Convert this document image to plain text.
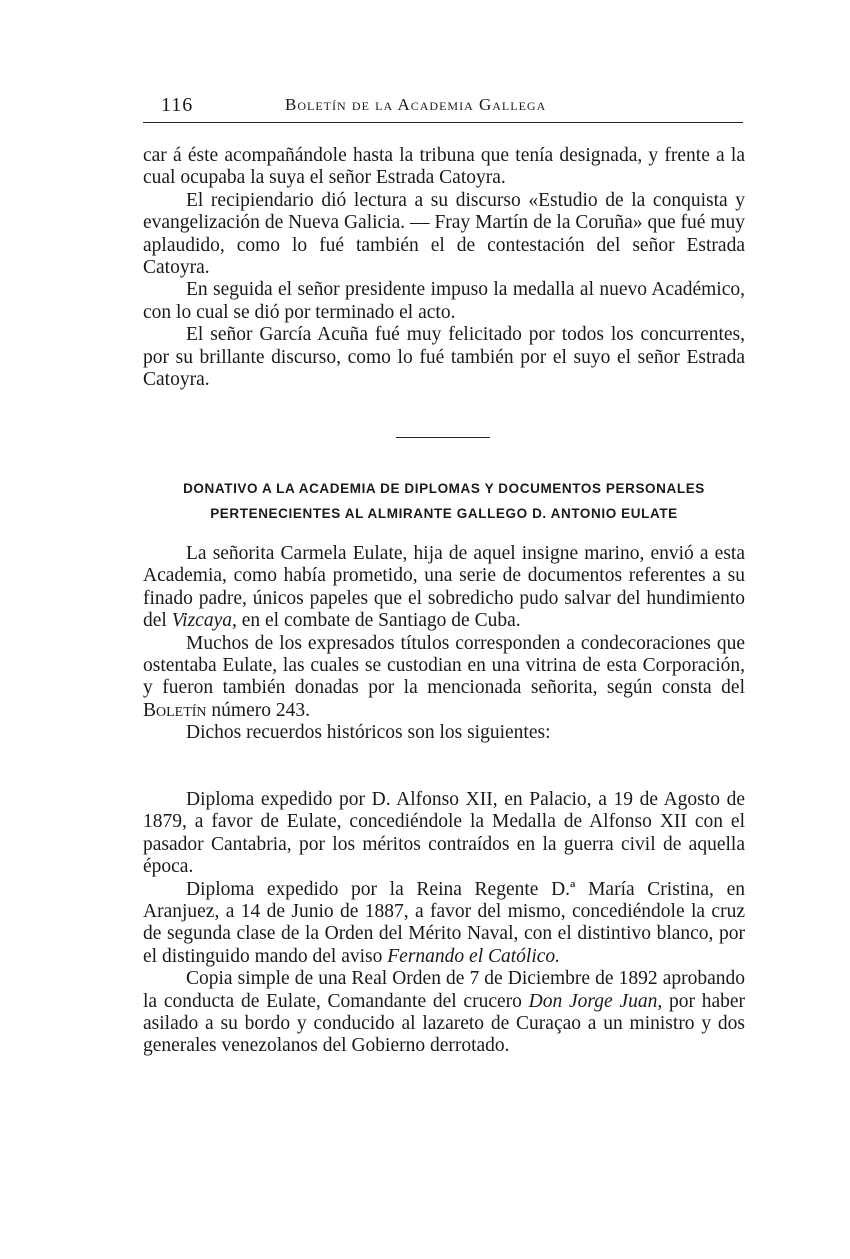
116	Boletín de la Academia Gallega

car á éste acompañándole hasta la tribuna que tenía designada, y frente a la cual ocupaba la suya el señor Estrada Catoyra.

El recipiendario dió lectura a su discurso «Estudio de la conquista y evangelización de Nueva Galicia. — Fray Martín de la Coruña» que fué muy aplaudido, como lo fué también el de contestación del señor Estrada Catoyra.

En seguida el señor presidente impuso la medalla al nuevo Académico, con lo cual se dió por terminado el acto.

El señor García Acuña fué muy felicitado por todos los concurrentes, por su brillante discurso, como lo fué también por el suyo el señor Estrada Catoyra.

DONATIVO A LA ACADEMIA DE DIPLOMAS Y DOCUMENTOS PERSONALES
PERTENECIENTES AL ALMIRANTE GALLEGO D. ANTONIO EULATE

La señorita Carmela Eulate, hija de aquel insigne marino, envió a esta Academia, como había prometido, una serie de documentos referentes a su finado padre, únicos papeles que el sobredicho pudo salvar del hundimiento del Vizcaya, en el combate de Santiago de Cuba.

Muchos de los expresados títulos corresponden a condecoraciones que ostentaba Eulate, las cuales se custodian en una vitrina de esta Corporación, y fueron también donadas por la mencionada señorita, según consta del Boletín número 243.

Dichos recuerdos históricos son los siguientes:

Diploma expedido por D. Alfonso XII, en Palacio, a 19 de Agosto de 1879, a favor de Eulate, concediéndole la Medalla de Alfonso XII con el pasador Cantabria, por los méritos contraídos en la guerra civil de aquella época.

Diploma expedido por la Reina Regente D.ª María Cristina, en Aranjuez, a 14 de Junio de 1887, a favor del mismo, concediéndole la cruz de segunda clase de la Orden del Mérito Naval, con el distintivo blanco, por el distinguido mando del aviso Fernando el Católico.

Copia simple de una Real Orden de 7 de Diciembre de 1892 aprobando la conducta de Eulate, Comandante del crucero Don Jorge Juan, por haber asilado a su bordo y conducido al lazareto de Curaçao a un ministro y dos generales venezolanos del Gobierno derrotado.
